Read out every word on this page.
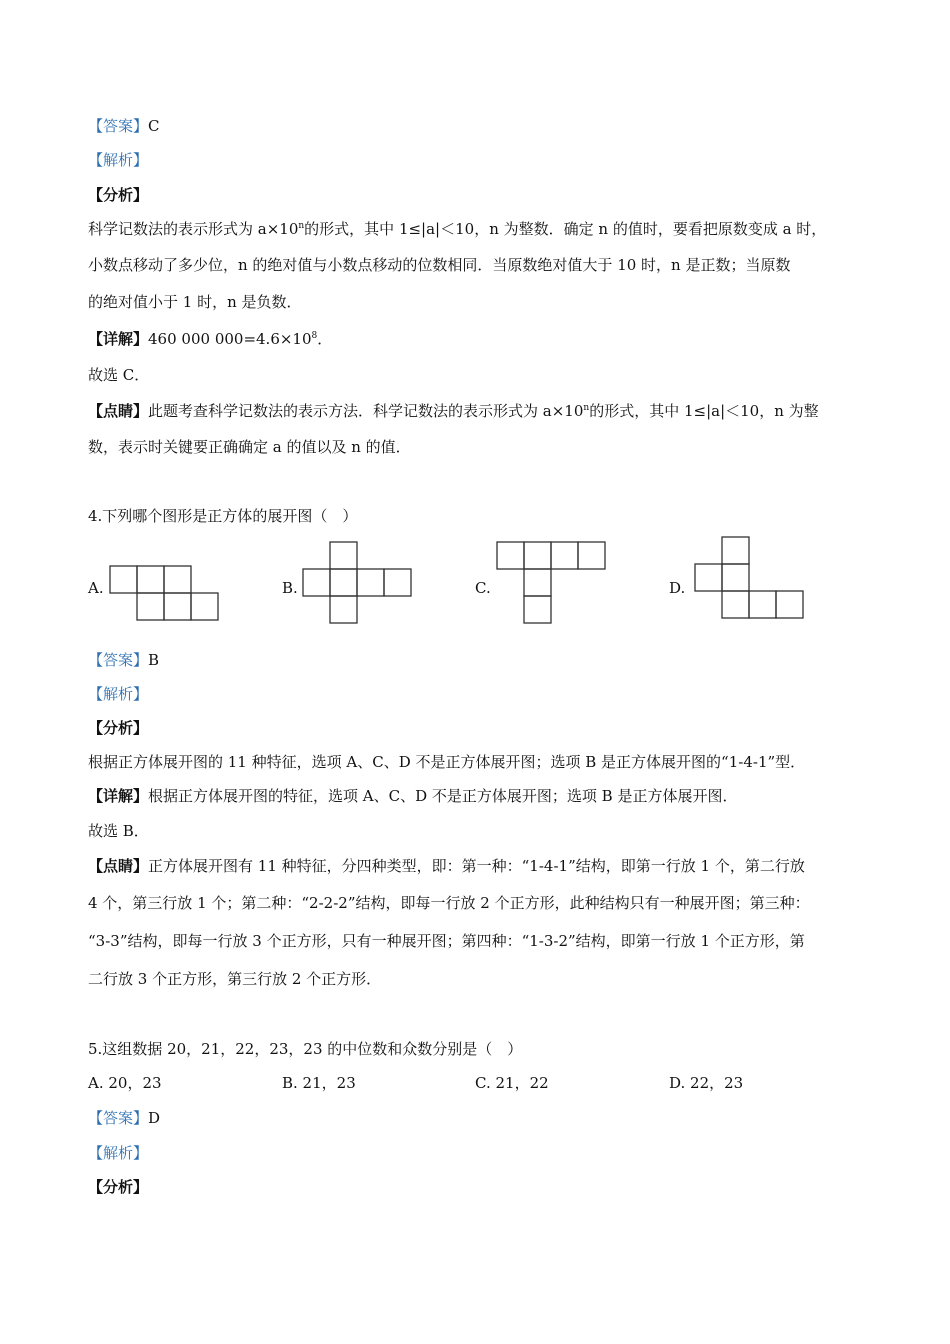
【答案】C
【解析】
【分析】
科学记数法的表示形式为 $a\times 10^n$的形式，其中 1≤|a|＜10，n 为整数．确定 n 的值时，要看把原数变成 a 时，
小数点移动了多少位，n 的绝对值与小数点移动的位数相同．当原数绝对值大于 10 时，n 是正数；当原数
的绝对值小于 1 时，n 是负数．
【详解】460 000 $000=4.6\times 10^8$．
故选 C．
【点睛】此题考查科学记数法的表示方法．科学记数法的表示形式为 $a\times 10^n$的形式，其中 1≤|a|＜10，n 为整
数，表示时关键要正确确定 a 的值以及 n 的值．
4.下列哪个图形是正方体的展开图（　）
A.	B.	C.	D.
【答案】B
【解析】
【分析】
根据正方体展开图的 11 种特征，选项 A、C、D 不是正方体展开图；选项 B 是正方体展开图的“1-4-1”型．
【详解】根据正方体展开图的特征，选项 A、C、D 不是正方体展开图；选项 B 是正方体展开图．
故选 B．
【点睛】正方体展开图有 11 种特征，分四种类型，即：第一种：“1-4-1”结构，即第一行放 1 个，第二行放
4 个，第三行放 1 个；第二种：“2-2-2”结构，即每一行放 2 个正方形，此种结构只有一种展开图；第三种：
“3-3”结构，即每一行放 3 个正方形，只有一种展开图；第四种：“1-3-2”结构，即第一行放 1 个正方形，第
二行放 3 个正方形，第三行放 2 个正方形．
5.这组数据 20，21，22，23，23 的中位数和众数分别是（　）
A. 20，23	B. 21，23	C. 21，22	D. 22，23
【答案】D
【解析】
【分析】
